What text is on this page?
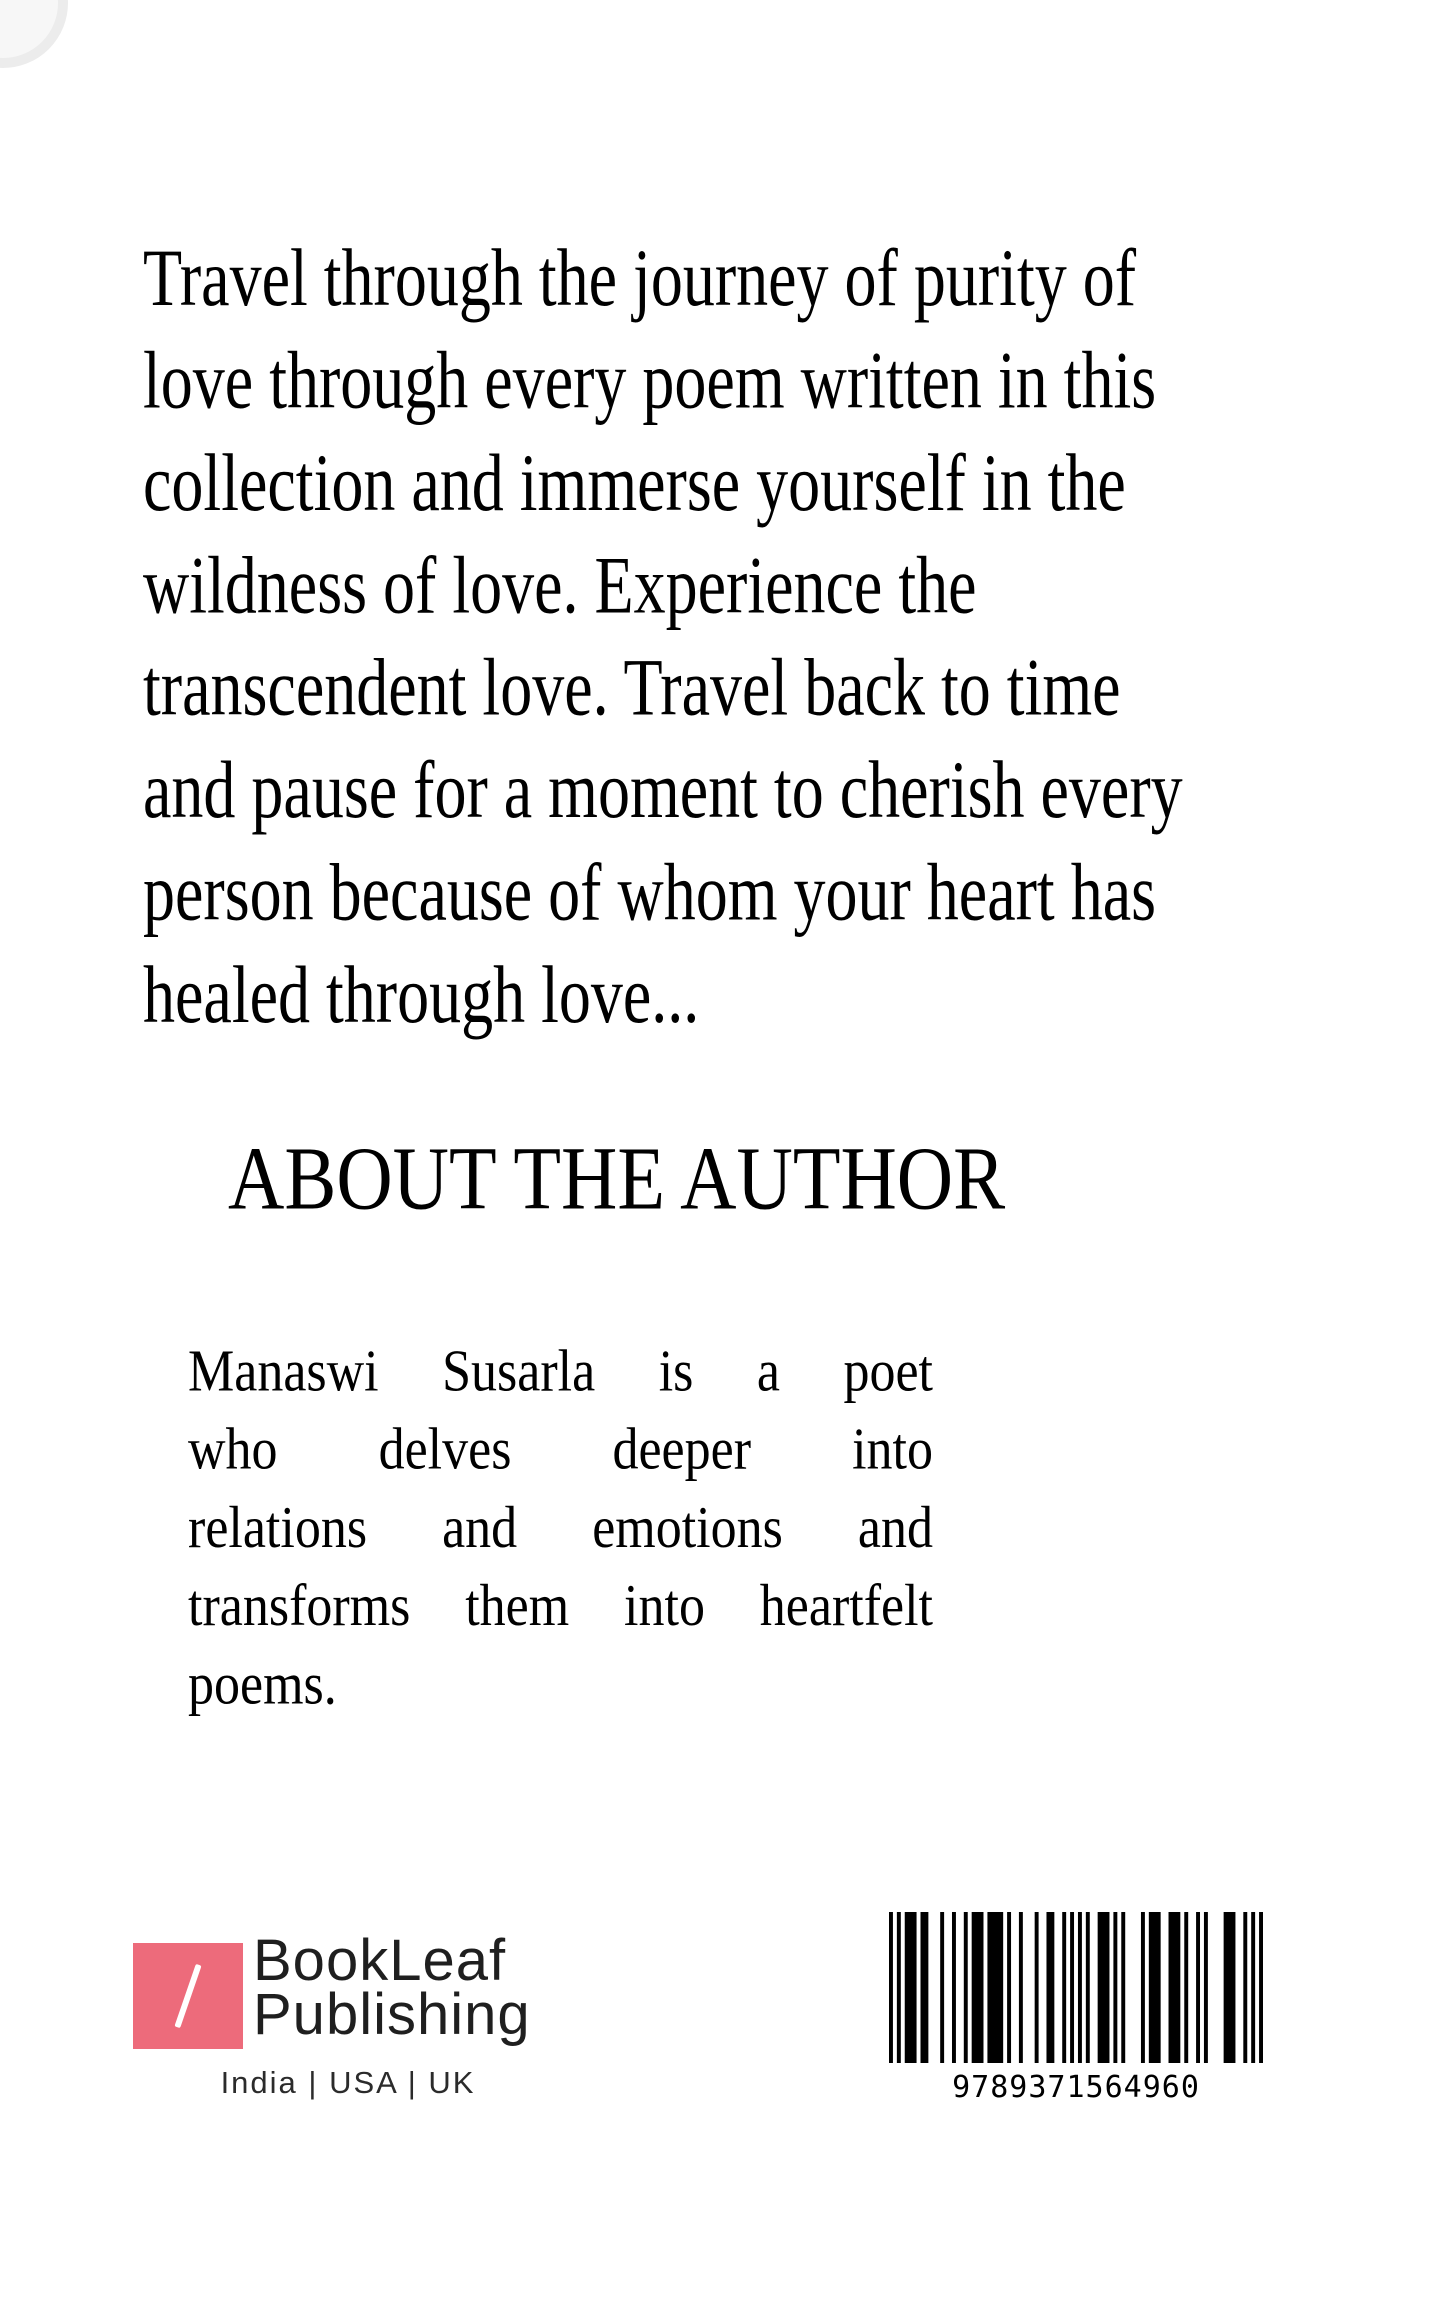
Travel through the journey of purity of
love through every poem written in this
collection and immerse yourself in the
wildness of love. Experience the
transcendent love. Travel back to time
and pause for a moment to cherish every
person because of whom your heart has
healed through love...
ABOUT THE AUTHOR
Manaswi Susarla is a poet
who delves deeper into
relations and emotions and
transforms them into heartfelt
poems.
BookLeaf
Publishing
India | USA | UK	9789371564960
